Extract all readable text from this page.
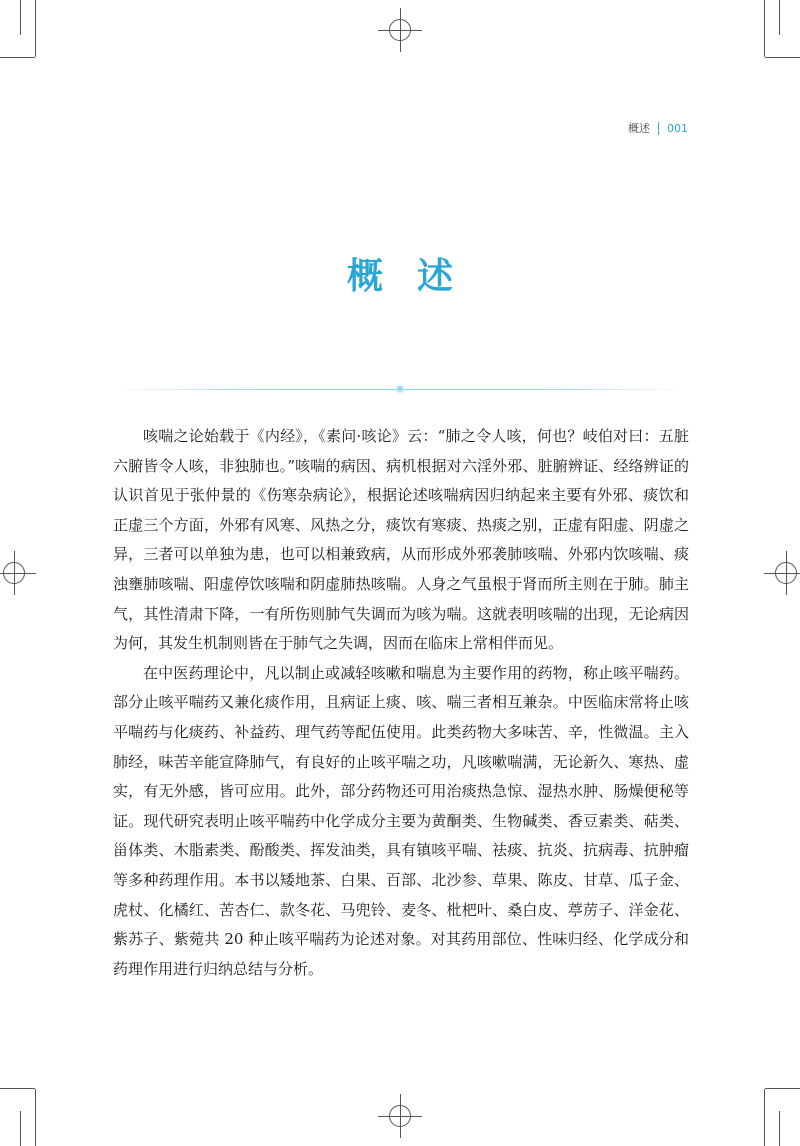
概述 001
概述

咳喘之论始载于《内经》，《素问·咳论》云：“肺之令人咳，何也？岐伯对曰：五脏六腑皆令人咳，非独肺也。”咳喘的病因、病机根据对六淫外邪、脏腑辨证、经络辨证的认识首见于张仲景的《伤寒杂病论》，根据论述咳喘病因归纳起来主要有外邪、痰饮和正虚三个方面，外邪有风寒、风热之分，痰饮有寒痰、热痰之别，正虚有阳虚、阴虚之异，三者可以单独为患，也可以相兼致病，从而形成外邪袭肺咳喘、外邪内饮咳喘、痰浊壅肺咳喘、阳虚停饮咳喘和阴虚肺热咳喘。人身之气虽根于肾而所主则在于肺。肺主气，其性清肃下降，一有所伤则肺气失调而为咳为喘。这就表明咳喘的出现，无论病因为何，其发生机制则皆在于肺气之失调，因而在临床上常相伴而见。

在中医药理论中，凡以制止或减轻咳嗽和喘息为主要作用的药物，称止咳平喘药。部分止咳平喘药又兼化痰作用，且病证上痰、咳、喘三者相互兼杂。中医临床常将止咳平喘药与化痰药、补益药、理气药等配伍使用。此类药物大多味苦、辛，性微温。主入肺经，味苦辛能宣降肺气，有良好的止咳平喘之功，凡咳嗽喘满，无论新久、寒热、虚实，有无外感，皆可应用。此外，部分药物还可用治痰热急惊、湿热水肿、肠燥便秘等证。现代研究表明止咳平喘药中化学成分主要为黄酮类、生物碱类、香豆素类、萜类、甾体类、木脂素类、酚酸类、挥发油类，具有镇咳平喘、祛痰、抗炎、抗病毒、抗肿瘤等多种药理作用。本书以矮地茶、白果、百部、北沙参、草果、陈皮、甘草、瓜子金、虎杖、化橘红、苦杏仁、款冬花、马兜铃、麦冬、枇杷叶、桑白皮、葶苈子、洋金花、紫苏子、紫菀共 20 种止咳平喘药为论述对象。对其药用部位、性味归经、化学成分和药理作用进行归纳总结与分析。
